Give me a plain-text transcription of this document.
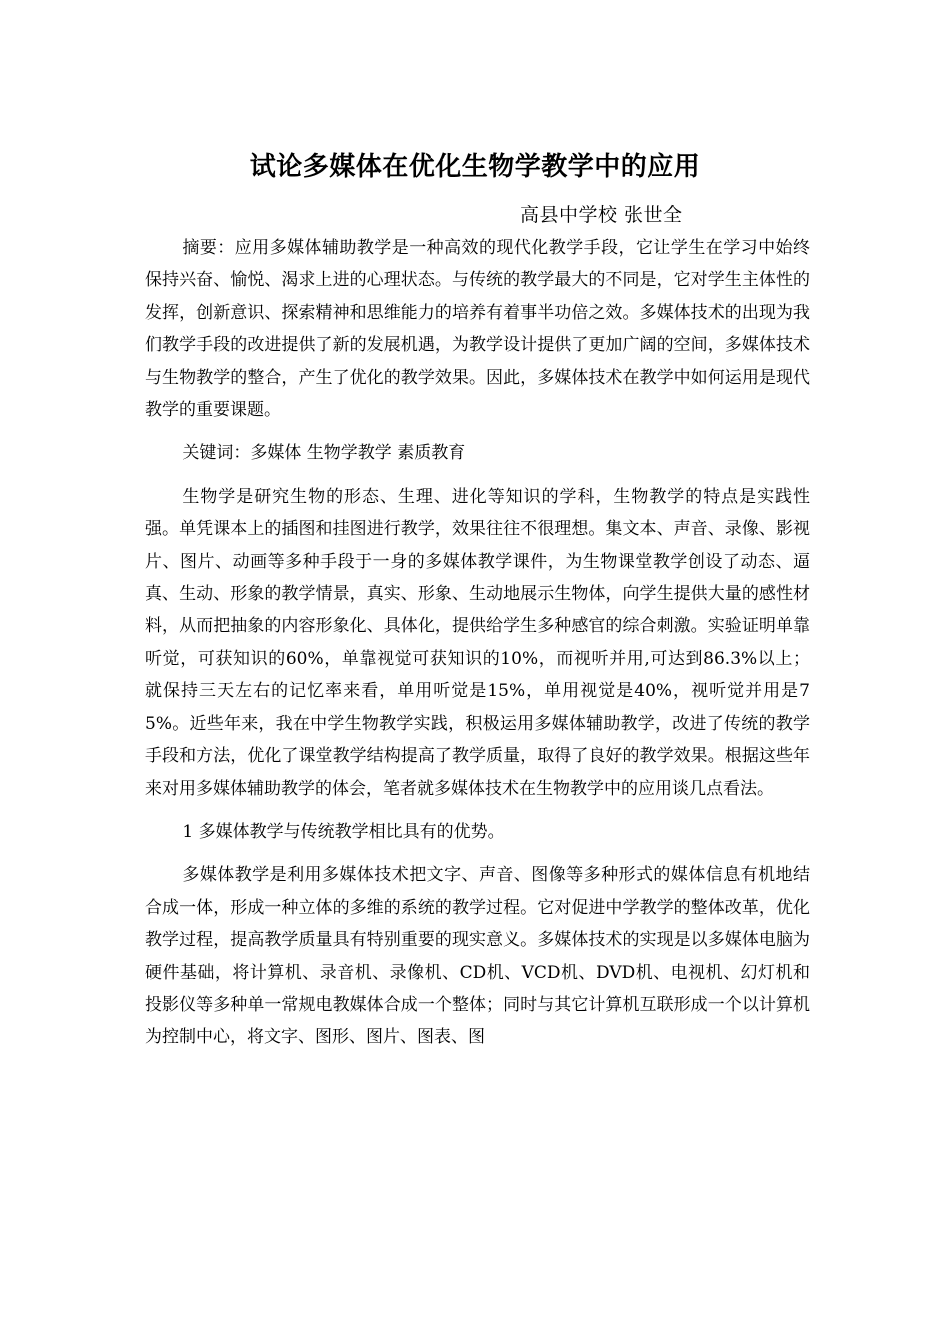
试论多媒体在优化生物学教学中的应用

高县中学校 张世全

摘要：应用多媒体辅助教学是一种高效的现代化教学手段，它让学生在学习中始终保持兴奋、愉悦、渴求上进的心理状态。与传统的教学最大的不同是，它对学生主体性的发挥，创新意识、探索精神和思维能力的培养有着事半功倍之效。多媒体技术的出现为我们教学手段的改进提供了新的发展机遇，为教学设计提供了更加广阔的空间，多媒体技术与生物教学的整合，产生了优化的教学效果。因此，多媒体技术在教学中如何运用是现代教学的重要课题。

关键词：多媒体 生物学教学 素质教育

生物学是研究生物的形态、生理、进化等知识的学科，生物教学的特点是实践性强。单凭课本上的插图和挂图进行教学，效果往往不很理想。集文本、声音、录像、影视片、图片、动画等多种手段于一身的多媒体教学课件，为生物课堂教学创设了动态、逼真、生动、形象的教学情景，真实、形象、生动地展示生物体，向学生提供大量的感性材料，从而把抽象的内容形象化、具体化，提供给学生多种感官的综合刺激。实验证明单靠听觉，可获知识的60%，单靠视觉可获知识的10%，而视听并用,可达到86.3%以上； 就保持三天左右的记忆率来看，单用听觉是15%，单用视觉是40%，视听觉并用是75%。近些年来，我在中学生物教学实践，积极运用多媒体辅助教学，改进了传统的教学手段和方法，优化了课堂教学结构提高了教学质量，取得了良好的教学效果。根据这些年来对用多媒体辅助教学的体会，笔者就多媒体技术在生物教学中的应用谈几点看法。

1 多媒体教学与传统教学相比具有的优势。

多媒体教学是利用多媒体技术把文字、声音、图像等多种形式的媒体信息有机地结合成一体，形成一种立体的多维的系统的教学过程。它对促进中学教学的整体改革，优化教学过程，提高教学质量具有特别重要的现实意义。多媒体技术的实现是以多媒体电脑为硬件基础，将计算机、录音机、录像机、CD机、VCD机、DVD机、电视机、幻灯机和投影仪等多种单一常规电教媒体合成一个整体；同时与其它计算机互联形成一个以计算机为控制中心，将文字、图形、图片、图表、图
